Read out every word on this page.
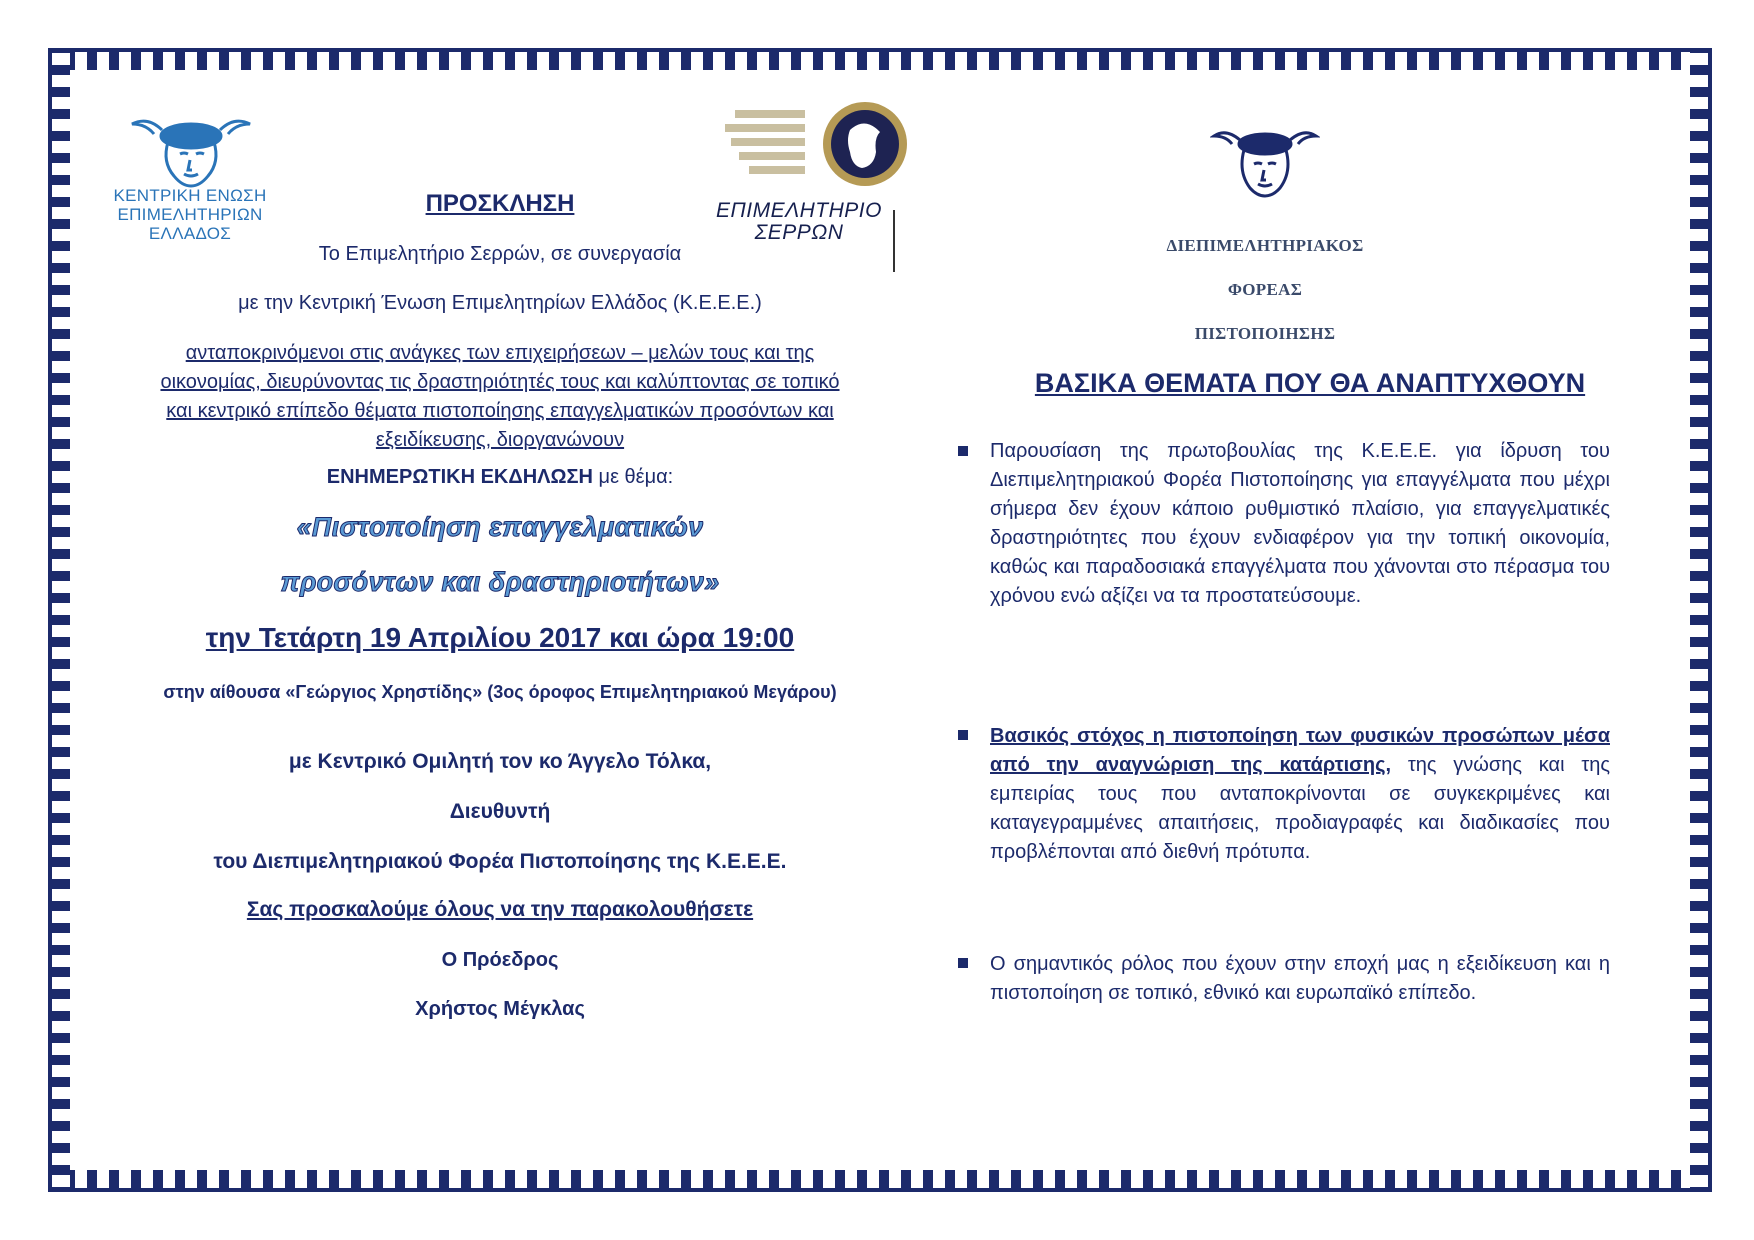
ΚΕΝΤΡΙΚΗ ΕΝΩΣΗ
ΕΠΙΜΕΛΗΤΗΡΙΩΝ
ΕΛΛΑΔΟΣ
ΕΠΙΜΕΛΗΤΗΡΙΟ
ΣΕΡΡΩΝ
ΠΡΟΣΚΛΗΣΗ
Το Επιμελητήριο Σερρών, σε συνεργασία
με την Κεντρική Ένωση Επιμελητηρίων Ελλάδος (Κ.Ε.Ε.Ε.)
ανταποκρινόμενοι στις ανάγκες των επιχειρήσεων – μελών τους και της οικονομίας, διευρύνοντας τις δραστηριότητές τους και καλύπτοντας σε τοπικό και κεντρικό επίπεδο θέματα πιστοποίησης επαγγελματικών προσόντων και εξειδίκευσης, διοργανώνουν
ΕΝΗΜΕΡΩΤΙΚΗ ΕΚΔΗΛΩΣΗ με θέμα:
«Πιστοποίηση επαγγελματικών
προσόντων και δραστηριοτήτων»
την Τετάρτη 19 Απριλίου 2017 και ώρα 19:00
στην αίθουσα «Γεώργιος Χρηστίδης» (3ος όροφος Επιμελητηριακού Μεγάρου)
με Κεντρικό Ομιλητή τον κο Άγγελο Τόλκα,
Διευθυντή
του Διεπιμελητηριακού Φορέα Πιστοποίησης της Κ.Ε.Ε.Ε.
Σας προσκαλούμε όλους να την παρακολουθήσετε
Ο Πρόεδρος
Χρήστος Μέγκλας
ΔΙΕΠΙΜΕΛΗΤΗΡΙΑΚΟΣ
ΦΟΡΕΑΣ
ΠΙΣΤΟΠΟΙΗΣΗΣ
ΒΑΣΙΚΑ ΘΕΜΑΤΑ ΠΟΥ ΘΑ ΑΝΑΠΤΥΧΘΟΥΝ
Παρουσίαση της πρωτοβουλίας της Κ.Ε.Ε.Ε. για ίδρυση του Διεπιμελητηριακού Φορέα Πιστοποίησης για επαγγέλματα που μέχρι σήμερα δεν έχουν κάποιο ρυθμιστικό πλαίσιο, για επαγγελματικές δραστηριότητες που έχουν ενδιαφέρον για την τοπική οικονομία, καθώς και παραδοσιακά επαγγέλματα που χάνονται στο πέρασμα του χρόνου ενώ αξίζει να τα προστατεύσουμε.
Βασικός στόχος η πιστοποίηση των φυσικών προσώπων μέσα από την αναγνώριση της κατάρτισης, της γνώσης και της εμπειρίας τους που ανταποκρίνονται σε συγκεκριμένες και καταγεγραμμένες απαιτήσεις, προδιαγραφές και διαδικασίες που προβλέπονται από διεθνή πρότυπα.
Ο σημαντικός ρόλος που έχουν στην εποχή μας η εξειδίκευση και η πιστοποίηση σε τοπικό, εθνικό και ευρωπαϊκό επίπεδο.
